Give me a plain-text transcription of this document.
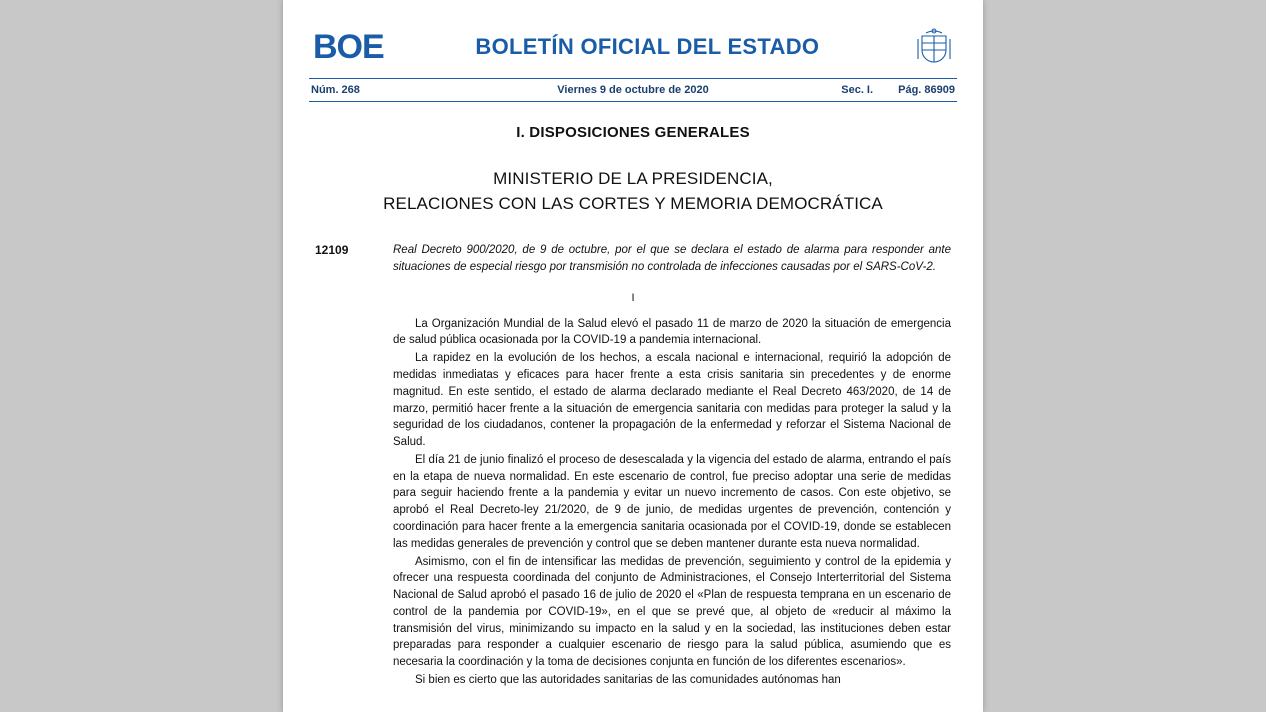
BOE	BOLETÍN OFICIAL DEL ESTADO
Núm. 268	Viernes 9 de octubre de 2020	Sec. I. Pág. 86909
I. DISPOSICIONES GENERALES
MINISTERIO DE LA PRESIDENCIA,
RELACIONES CON LAS CORTES Y MEMORIA DEMOCRÁTICA
12109	Real Decreto 900/2020, de 9 de octubre, por el que se declara el estado de alarma para responder ante situaciones de especial riesgo por transmisión no controlada de infecciones causadas por el SARS-CoV-2.
I

La Organización Mundial de la Salud elevó el pasado 11 de marzo de 2020 la situación de emergencia de salud pública ocasionada por la COVID-19 a pandemia internacional.

La rapidez en la evolución de los hechos, a escala nacional e internacional, requirió la adopción de medidas inmediatas y eficaces para hacer frente a esta crisis sanitaria sin precedentes y de enorme magnitud. En este sentido, el estado de alarma declarado mediante el Real Decreto 463/2020, de 14 de marzo, permitió hacer frente a la situación de emergencia sanitaria con medidas para proteger la salud y la seguridad de los ciudadanos, contener la propagación de la enfermedad y reforzar el Sistema Nacional de Salud.

El día 21 de junio finalizó el proceso de desescalada y la vigencia del estado de alarma, entrando el país en la etapa de nueva normalidad. En este escenario de control, fue preciso adoptar una serie de medidas para seguir haciendo frente a la pandemia y evitar un nuevo incremento de casos. Con este objetivo, se aprobó el Real Decreto-ley 21/2020, de 9 de junio, de medidas urgentes de prevención, contención y coordinación para hacer frente a la emergencia sanitaria ocasionada por el COVID-19, donde se establecen las medidas generales de prevención y control que se deben mantener durante esta nueva normalidad.

Asimismo, con el fin de intensificar las medidas de prevención, seguimiento y control de la epidemia y ofrecer una respuesta coordinada del conjunto de Administraciones, el Consejo Interterritorial del Sistema Nacional de Salud aprobó el pasado 16 de julio de 2020 el «Plan de respuesta temprana en un escenario de control de la pandemia por COVID-19», en el que se prevé que, al objeto de «reducir al máximo la transmisión del virus, minimizando su impacto en la salud y en la sociedad, las instituciones deben estar preparadas para responder a cualquier escenario de riesgo para la salud pública, asumiendo que es necesaria la coordinación y la toma de decisiones conjunta en función de los diferentes escenarios».

Si bien es cierto que las autoridades sanitarias de las comunidades autónomas han
